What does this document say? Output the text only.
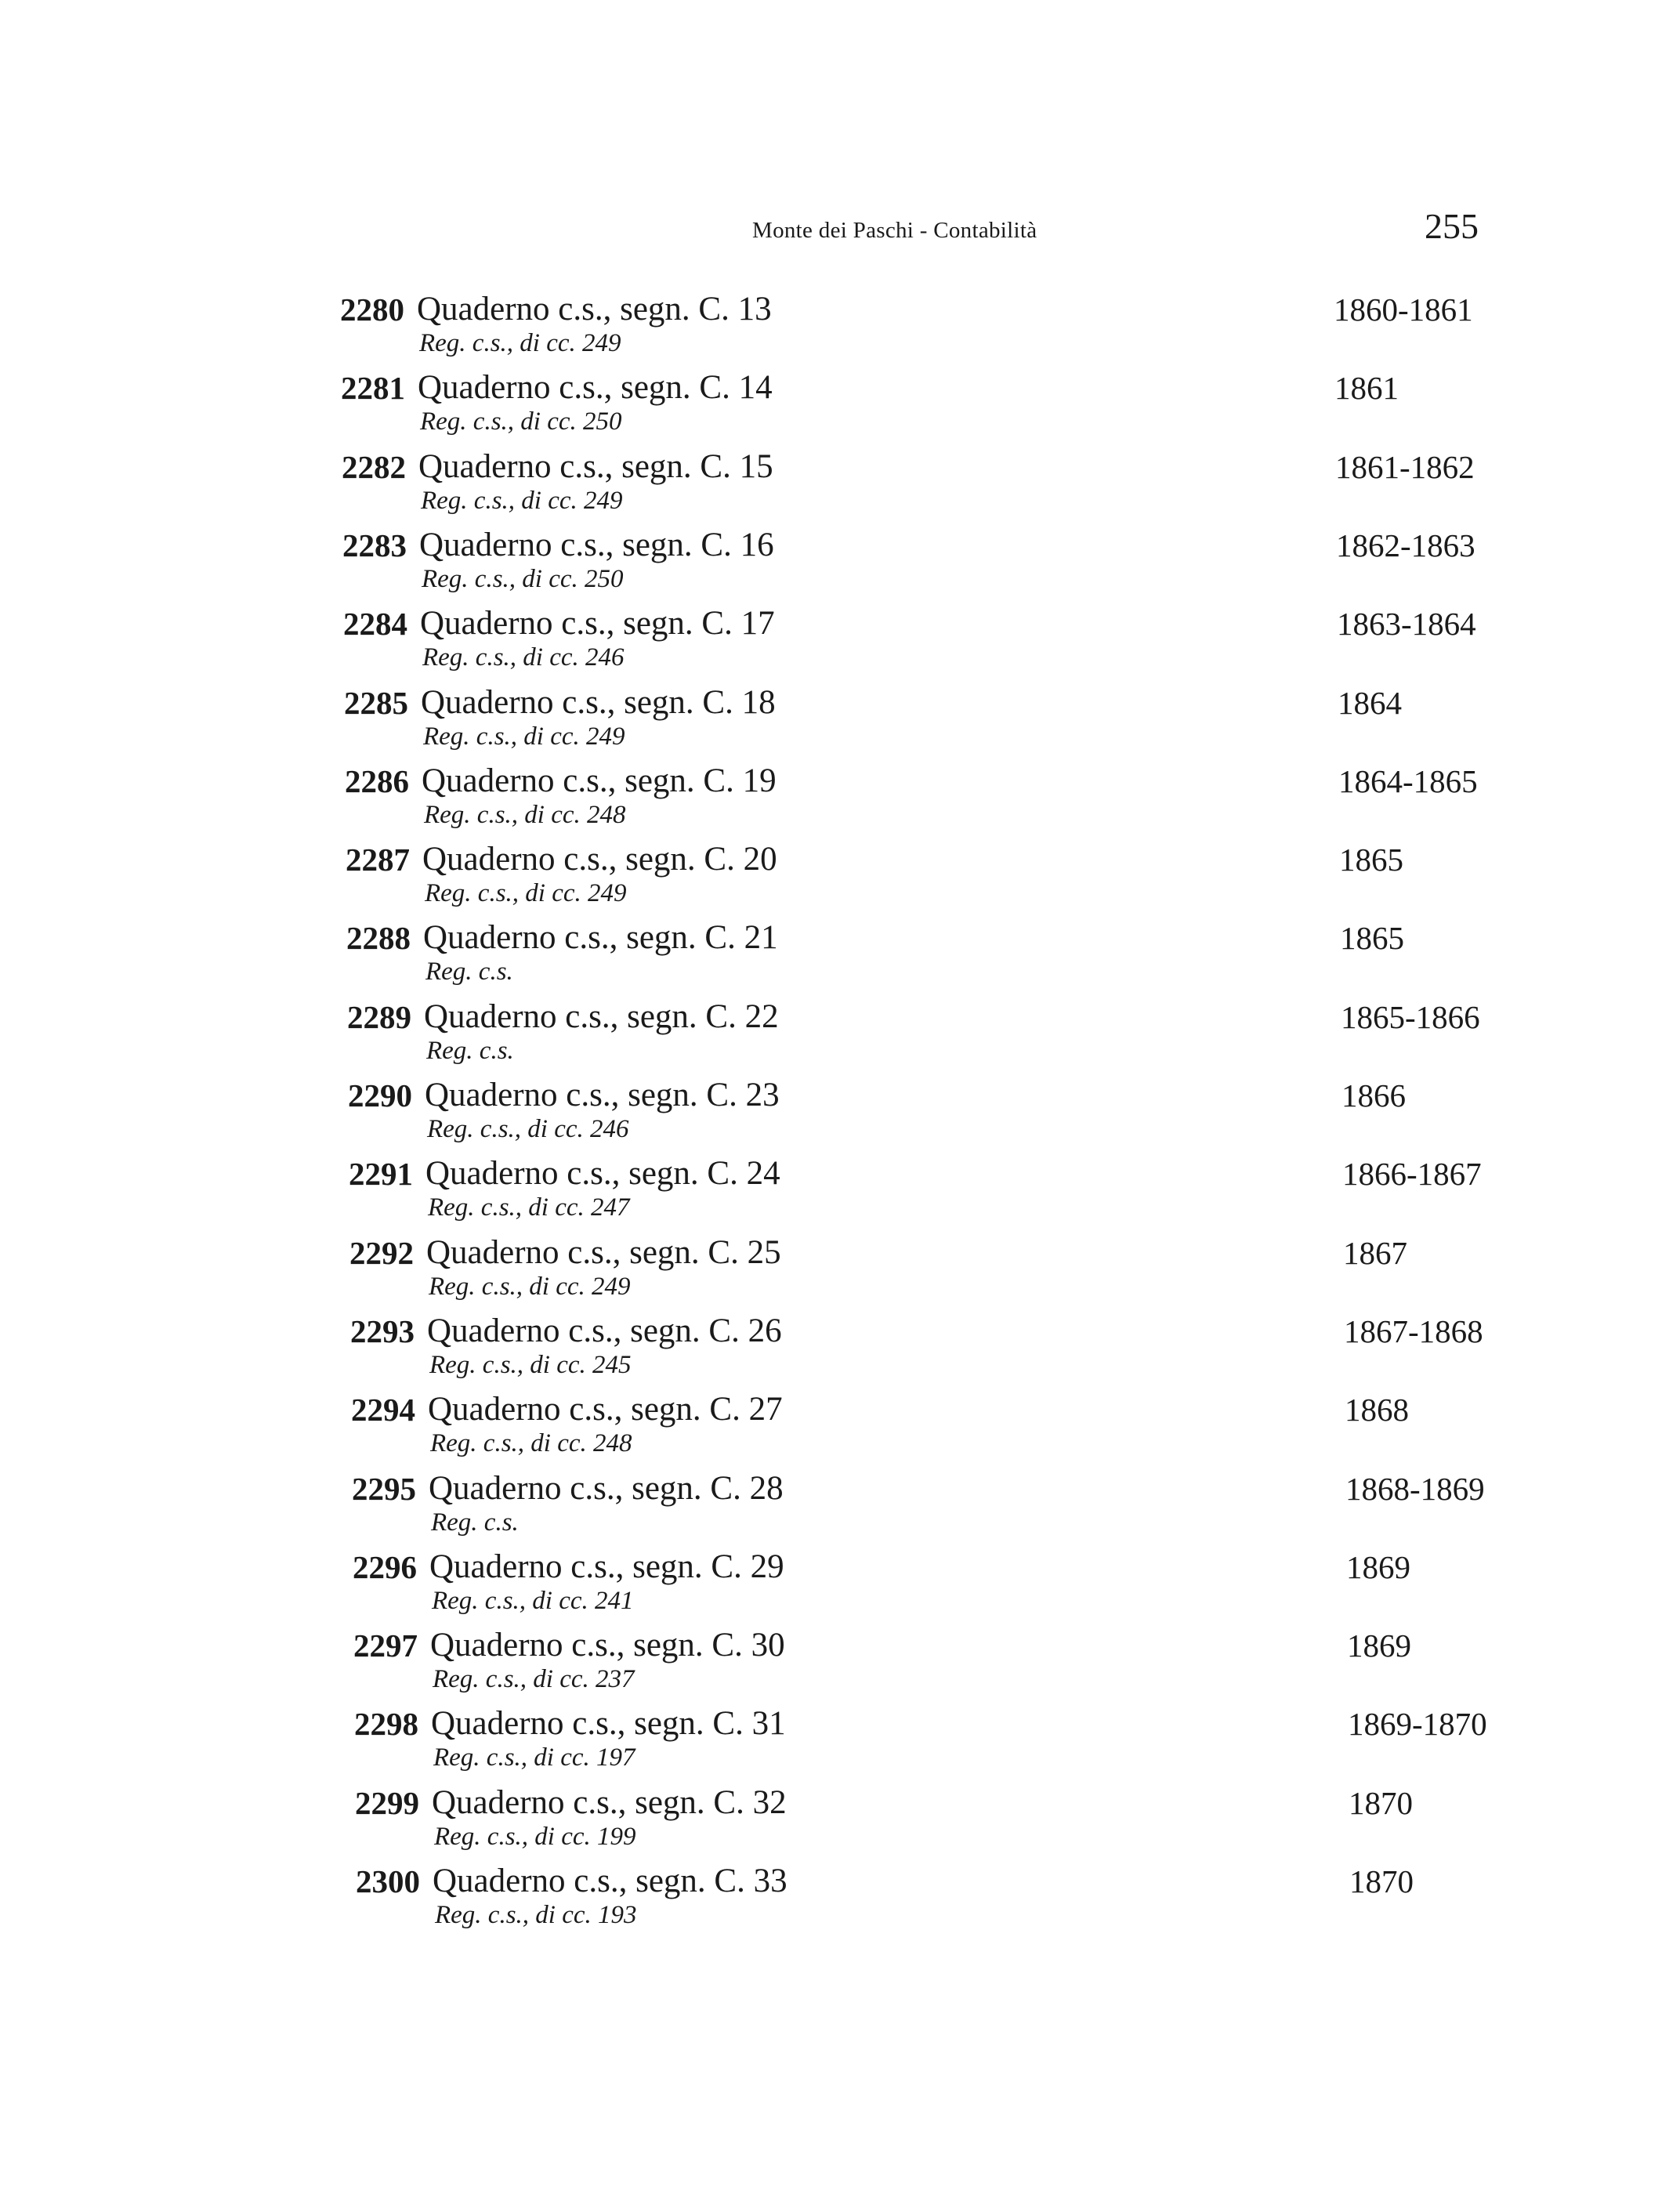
Monte dei Paschi - Contabilità	255
2280 Quaderno c.s., segn. C. 13
Reg. c.s., di cc. 249
1860-1861
2281 Quaderno c.s., segn. C. 14
Reg. c.s., di cc. 250
1861
2282 Quaderno c.s., segn. C. 15
Reg. c.s., di cc. 249
1861-1862
2283 Quaderno c.s., segn. C. 16
Reg. c.s., di cc. 250
1862-1863
2284 Quaderno c.s., segn. C. 17
Reg. c.s., di cc. 246
1863-1864
2285 Quaderno c.s., segn. C. 18
Reg. c.s., di cc. 249
1864
2286 Quaderno c.s., segn. C. 19
Reg. c.s., di cc. 248
1864-1865
2287 Quaderno c.s., segn. C. 20
Reg. c.s., di cc. 249
1865
2288 Quaderno c.s., segn. C. 21
Reg. c.s.
1865
2289 Quaderno c.s., segn. C. 22
Reg. c.s.
1865-1866
2290 Quaderno c.s., segn. C. 23
Reg. c.s., di cc. 246
1866
2291 Quaderno c.s., segn. C. 24
Reg. c.s., di cc. 247
1866-1867
2292 Quaderno c.s., segn. C. 25
Reg. c.s., di cc. 249
1867
2293 Quaderno c.s., segn. C. 26
Reg. c.s., di cc. 245
1867-1868
2294 Quaderno c.s., segn. C. 27
Reg. c.s., di cc. 248
1868
2295 Quaderno c.s., segn. C. 28
Reg. c.s.
1868-1869
2296 Quaderno c.s., segn. C. 29
Reg. c.s., di cc. 241
1869
2297 Quaderno c.s., segn. C. 30
Reg. c.s., di cc. 237
1869
2298 Quaderno c.s., segn. C. 31
Reg. c.s., di cc. 197
1869-1870
2299 Quaderno c.s., segn. C. 32
Reg. c.s., di cc. 199
1870
2300 Quaderno c.s., segn. C. 33
Reg. c.s., di cc. 193
1870
